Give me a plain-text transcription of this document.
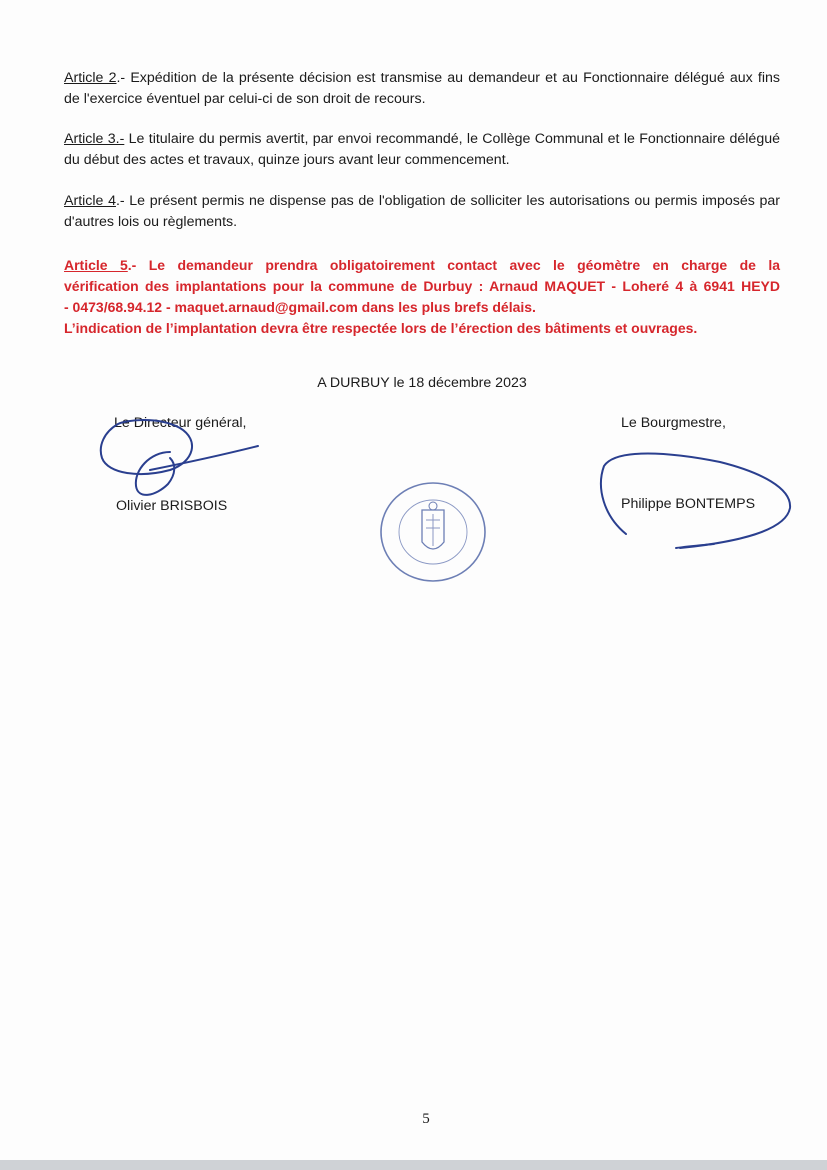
Article 2.- Expédition de la présente décision est transmise au demandeur et au Fonctionnaire délégué aux fins de l'exercice éventuel par celui-ci de son droit de recours.

Article 3.- Le titulaire du permis avertit, par envoi recommandé, le Collège Communal et le Fonctionnaire délégué du début des actes et travaux, quinze jours avant leur commencement.

Article 4.- Le présent permis ne dispense pas de l'obligation de solliciter les autorisations ou permis imposés par d'autres lois ou règlements.

Article 5.- Le demandeur prendra obligatoirement contact avec le géomètre en charge de la
vérification des implantations pour la commune de Durbuy : Arnaud MAQUET - Loheré 4 à 6941 HEYD
- 0473/68.94.12 - maquet.arnaud@gmail.com dans les plus brefs délais.
L’indication de l’implantation devra être respectée lors de l’érection des bâtiments et ouvrages.
A DURBUY le 18 décembre 2023
Le Directeur général,	Le Bourgmestre,
Olivier BRISBOIS	Philippe BONTEMPS
5
